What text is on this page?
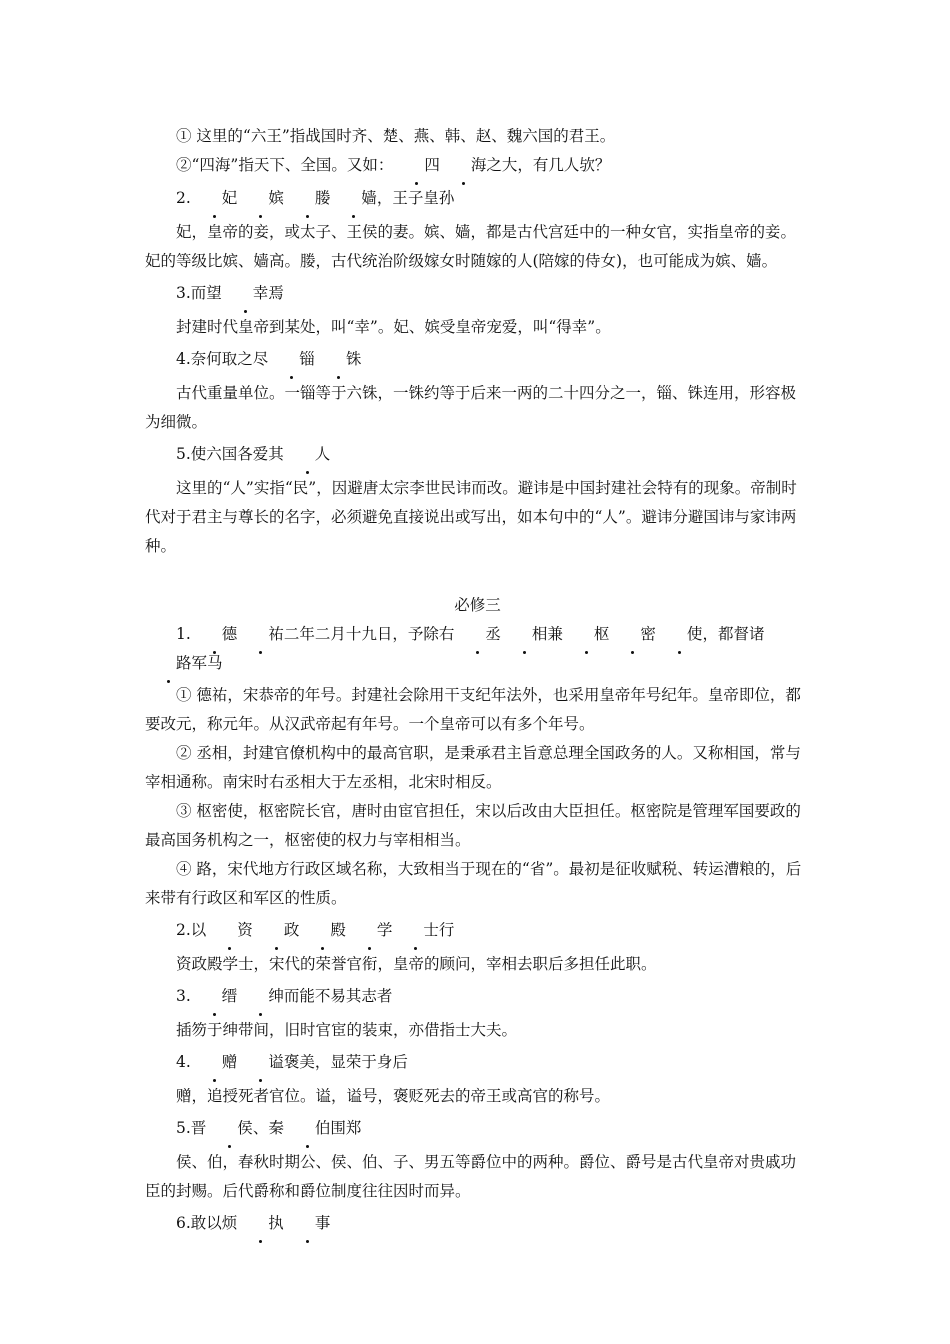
① 这里的“六王”指战国时齐、楚、燕、韩、赵、魏六国的君王。

②“四海”指天下、全国。又如： 四 海之大，有几人欤？

2. 妃 嫔 媵 嫱，王子皇孙

妃，皇帝的妾，或太子、王侯的妻。嫔、嫱，都是古代宫廷中的一种女官，实指皇帝的妾。妃的等级比嫔、嫱高。媵，古代统治阶级嫁女时随嫁的人(陪嫁的侍女)，也可能成为嫔、嫱。

3.而望 幸焉

封建时代皇帝到某处，叫“幸”。妃、嫔受皇帝宠爱，叫“得幸”。

4.奈何取之尽 锱 铢

古代重量单位。一锱等于六铢，一铢约等于后来一两的二十四分之一，锱、铢连用，形容极为细微。

5.使六国各爱其 人

这里的“人”实指“民”，因避唐太宗李世民讳而改。避讳是中国封建社会特有的现象。帝制时代对于君主与尊长的名字，必须避免直接说出或写出，如本句中的“人”。避讳分避国讳与家讳两种。

必修三

1. 德 祐二年二月十九日，予除右 丞 相兼 枢 密 使，都督诸路军马

① 德祐，宋恭帝的年号。封建社会除用干支纪年法外，也采用皇帝年号纪年。皇帝即位，都要改元，称元年。从汉武帝起有年号。一个皇帝可以有多个年号。

② 丞相，封建官僚机构中的最高官职，是秉承君主旨意总理全国政务的人。又称相国，常与宰相通称。南宋时右丞相大于左丞相，北宋时相反。

③ 枢密使，枢密院长官，唐时由宦官担任，宋以后改由大臣担任。枢密院是管理军国要政的最高国务机构之一，枢密使的权力与宰相相当。

④ 路，宋代地方行政区域名称，大致相当于现在的“省”。最初是征收赋税、转运漕粮的，后来带有行政区和军区的性质。

2.以 资 政 殿 学 士行

资政殿学士，宋代的荣誉官衔，皇帝的顾问，宰相去职后多担任此职。

3. 缙 绅而能不易其志者

插笏于绅带间，旧时官宦的装束，亦借指士大夫。

4. 赠 谥褒美，显荣于身后

赠，追授死者官位。谥，谥号，褒贬死去的帝王或高官的称号。

5.晋 侯、秦 伯围郑

侯、伯，春秋时期公、侯、伯、子、男五等爵位中的两种。爵位、爵号是古代皇帝对贵戚功臣的封赐。后代爵称和爵位制度往往因时而异。

6.敢以烦 执 事
